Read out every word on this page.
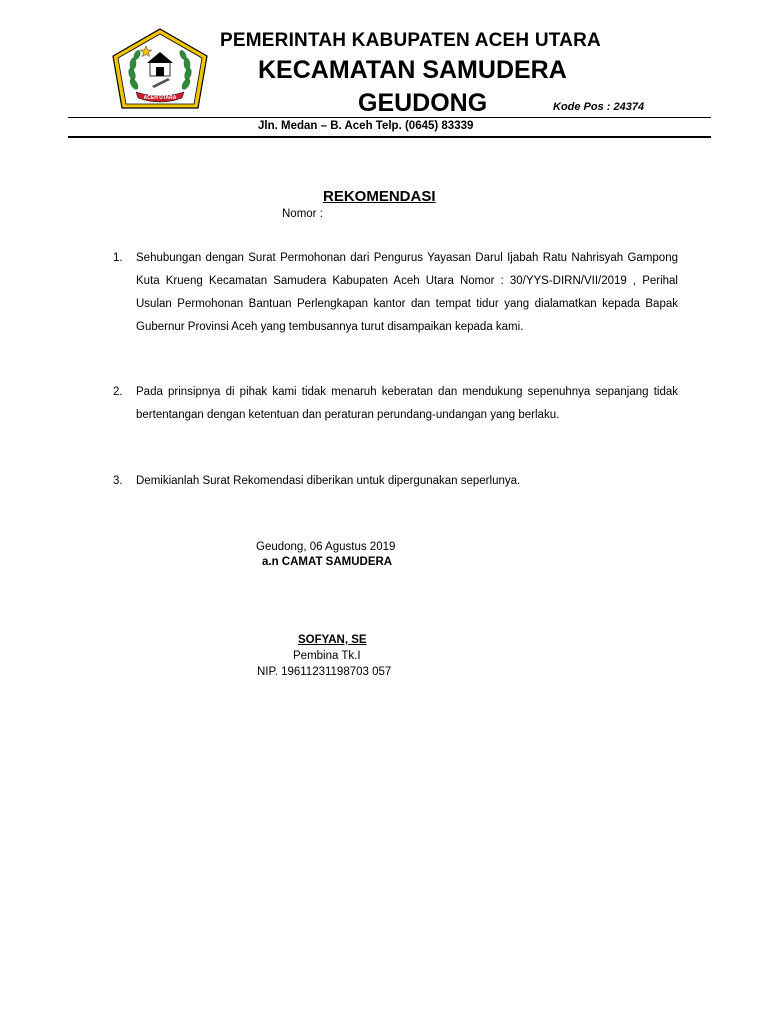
ACEH UTARA
PEMERINTAH KABUPATEN ACEH UTARA
KECAMATAN SAMUDERA
GEUDONG	Kode Pos : 24374
Jln. Medan – B. Aceh Telp. (0645) 83339
REKOMENDASI
Nomor :
1. Sehubungan dengan Surat Permohonan dari Pengurus Yayasan Darul Ijabah Ratu Nahrisyah Gampong Kuta Krueng Kecamatan Samudera Kabupaten Aceh Utara Nomor : 30/YYS-DIRN/VII/2019 , Perihal Usulan Permohonan Bantuan Perlengkapan kantor dan tempat tidur yang dialamatkan kepada Bapak Gubernur Provinsi Aceh yang tembusannya turut disampaikan kepada kami.
2. Pada prinsipnya di pihak kami tidak menaruh keberatan dan mendukung sepenuhnya sepanjang tidak bertentangan dengan ketentuan dan peraturan perundang-undangan yang berlaku.
3. Demikianlah Surat Rekomendasi diberikan untuk dipergunakan seperlunya.
Geudong, 06 Agustus 2019
a.n CAMAT SAMUDERA
SOFYAN, SE
Pembina Tk.I
NIP. 19611231198703 057
